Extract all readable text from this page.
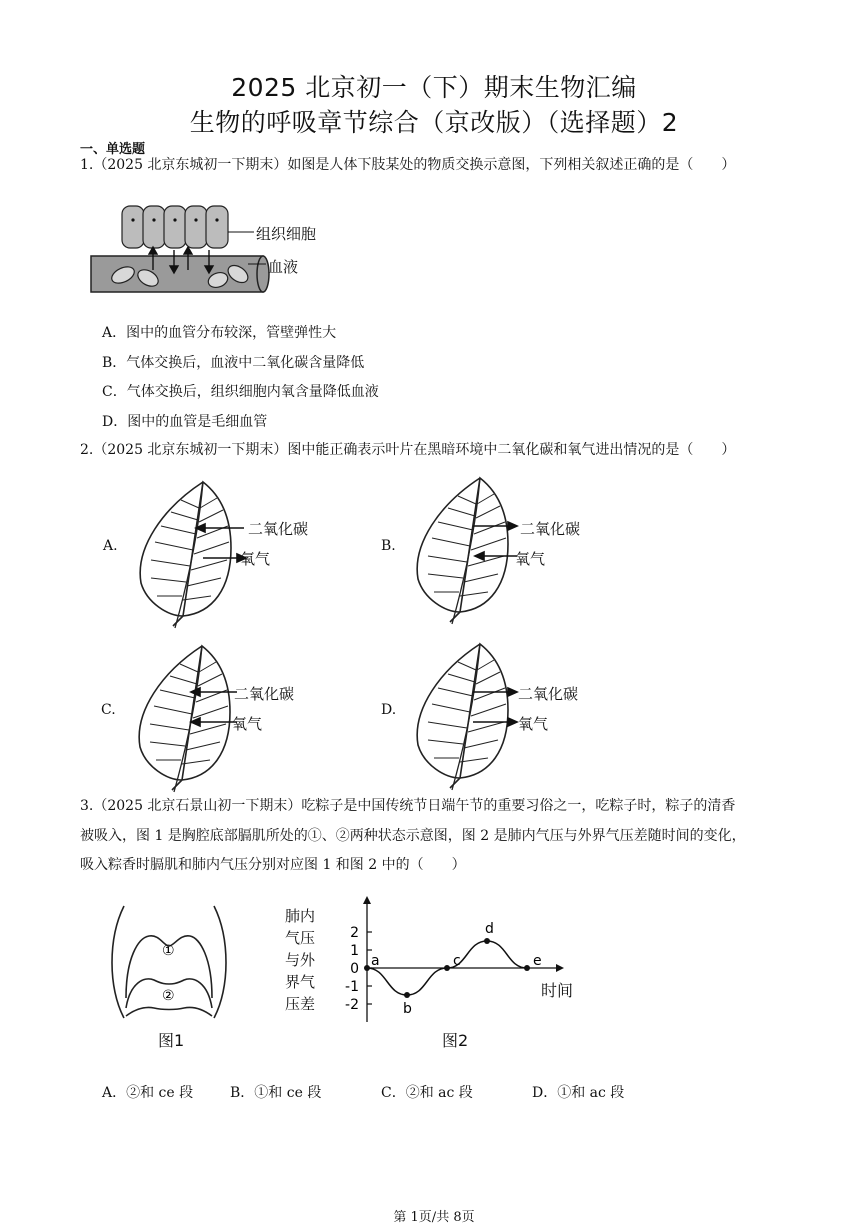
2025 北京初一（下）期末生物汇编
生物的呼吸章节综合（京改版）（选择题）2
一、单选题
1.（2025 北京东城初一下期末）如图是人体下肢某处的物质交换示意图，下列相关叙述正确的是（　　）
组织细胞
血液
A．图中的血管分布较深，管壁弹性大
B．气体交换后，血液中二氧化碳含量降低
C．气体交换后，组织细胞内氧含量降低血液
D．图中的血管是毛细血管
2.（2025 北京东城初一下期末）图中能正确表示叶片在黑暗环境中二氧化碳和氧气进出情况的是（　　）
A.
二氧化碳
氧气
B.
二氧化碳
氧气
C.
二氧化碳
氧气
D.
二氧化碳
氧气
3.（2025 北京石景山初一下期末）吃粽子是中国传统节日端午节的重要习俗之一，吃粽子时，粽子的清香
被吸入，图 1 是胸腔底部膈肌所处的①、②两种状态示意图，图 2 是肺内气压与外界气压差随时间的变化，
吸入粽香时膈肌和肺内气压分别对应图 1 和图 2 中的（　　）
①
②
图1
肺内
气压
与外
界气
压差
2
1
0
-1
-2
a
b
c
d
e
时间
图2
A．②和 ce 段	B．①和 ce 段	C．②和 ac 段	D．①和 ac 段
第 1页/共 8页
